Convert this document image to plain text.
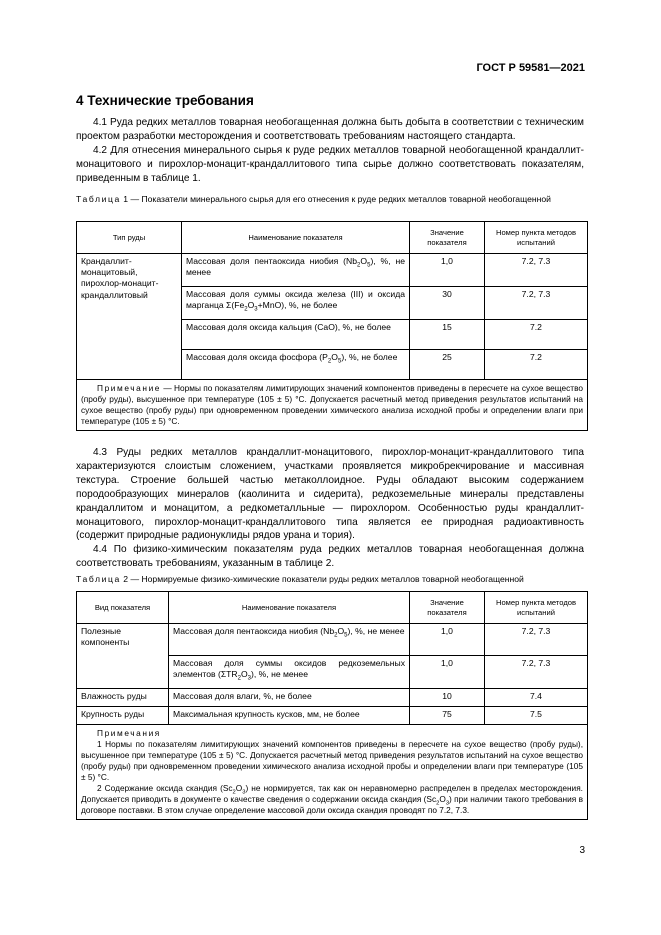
ГОСТ Р 59581—2021
4 Технические требования

4.1 Руда редких металлов товарная необогащенная должна быть добыта в соответствии с техническим проектом разработки месторождения и соответствовать требованиям настоящего стандарта.

4.2 Для отнесения минерального сырья к руде редких металлов товарной необогащенной крандаллит-монацитового и пирохлор-монацит-крандаллитового типа сырье должно соответствовать показателям, приведенным в таблице 1.

Таблица 1 — Показатели минерального сырья для его отнесения к руде редких металлов товарной необогащенной
Тип руды	Наименование показателя	Значение показателя	Номер пункта методов испытаний
Крандаллит-монацитовый, пирохлор-монацит-крандаллитовый	Массовая доля пентаоксида ниобия $(Nb_2O_5)$, %, не менее	1,0	7.2, 7.3
	Массовая доля суммы оксида железа (III) и оксида марганца $\Sigma(Fe_2O_3+MnO)$, %, не более	30	7.2, 7.3
	Массовая доля оксида кальция (CaO), %, не более	15	7.2
	Массовая доля оксида фосфора $(P_2O_5)$, %, не более	25	7.2

Примечание — Нормы по показателям лимитирующих значений компонентов приведены в пересчете на сухое вещество (пробу руды), высушенное при температуре (105 ± 5) °С. Допускается расчетный метод приведения результатов испытаний на сухое вещество (пробу руды) при одновременном проведении химического анализа исходной пробы и определении влаги при температуре (105 ± 5) °С.			

4.3 Руды редких металлов крандаллит-монацитового, пирохлор-монацит-крандаллитового типа характеризуются слоистым сложением, участками проявляется микробрекчирование и массивная текстура. Строение большей частью метаколлоидное. Руды обладают высоким содержанием породообразующих минералов (каолинита и сидерита), редкоземельные минералы представлены крандаллитом и монацитом, а редкометалльные — пирохлором. Особенностью руды крандаллит-монацитового, пирохлор-монацит-крандаллитового типа является ее природная радиоактивность (содержит природные радионуклиды рядов урана и тория).

4.4 По физико-химическим показателям руда редких металлов товарная необогащенная должна соответствовать требованиям, указанным в таблице 2.

Таблица 2 — Нормируемые физико-химические показатели руды редких металлов товарной необогащенной
Вид показателя	Наименование показателя	Значение показателя	Номер пункта методов испытаний
Полезные компоненты	Массовая доля пентаоксида ниобия $(Nb_2O_5)$, %, не менее	1,0	7.2, 7.3
	Массовая доля суммы оксидов редкоземельных элементов $(\Sigma TR_2O_3)$, %, не менее	1,0	7.2, 7.3
Влажность руды	Массовая доля влаги, %, не более	10	7.4
Крупность руды	Максимальная крупность кусков, мм, не более	75	7.5

Примечания

1 Нормы по показателям лимитирующих значений компонентов приведены в пересчете на сухое вещество (пробу руды), высушенное при температуре (105 ± 5) °С. Допускается расчетный метод приведения результатов испытаний на сухое вещество (пробу руды) при одновременном проведении химического анализа исходной пробы и определении влаги при температуре (105 ± 5) °С.

2 Содержание оксида скандия $(Sc_2O_3)$ не нормируется, так как он неравномерно распределен в пределах месторождения. Допускается приводить в документе о качестве сведения о содержании оксида скандия $(Sc_2O_3)$ при наличии такого требования в договоре поставки. В этом случае определение массовой доли оксида скандия проводят по 7.2, 7.3.			

3
